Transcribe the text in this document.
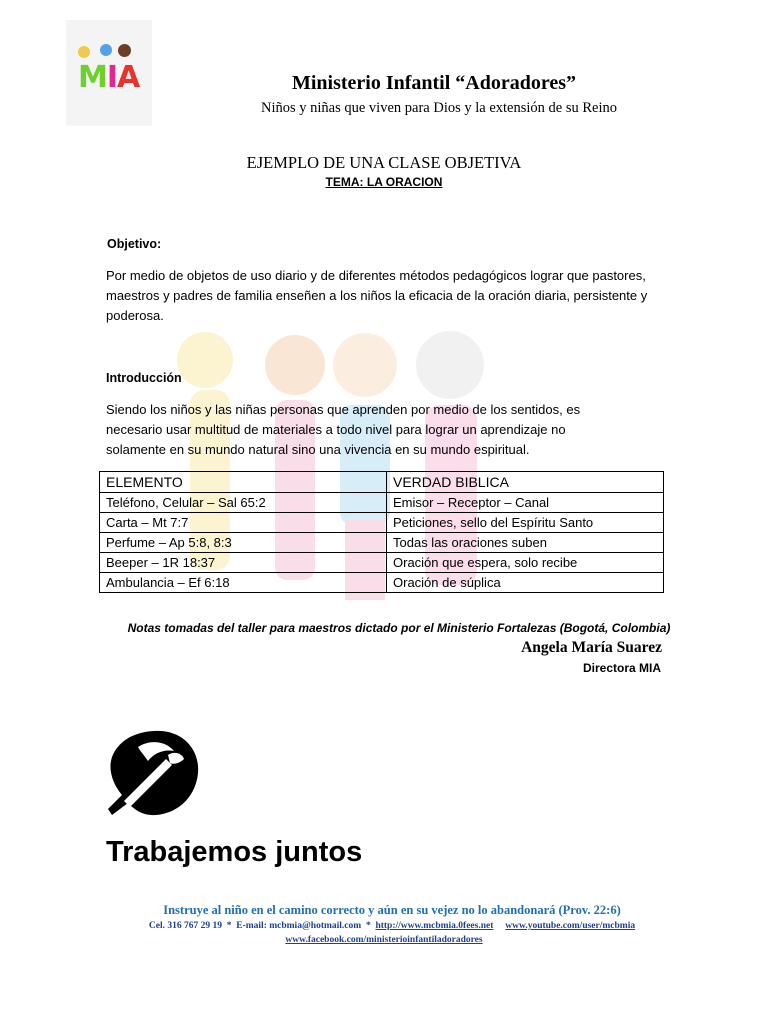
MIA	Ministerio Infantil “Adoradores”
Niños y niñas que viven para Dios y la extensión de su Reino
EJEMPLO DE UNA CLASE OBJETIVA
TEMA: LA ORACION
Objetivo:
Por medio de objetos de uso diario y de diferentes métodos pedagógicos lograr que pastores, maestros y padres de familia enseñen a los niños la eficacia de la oración diaria, persistente y poderosa.
Introducción
Siendo los niños y las niñas personas que aprenden por medio de los sentidos, es necesario usar multitud de materiales a todo nivel para lograr un aprendizaje no solamente en su mundo natural sino una vivencia en su mundo espiritual.
ELEMENTO	VERDAD BIBLICA
Teléfono, Celular – Sal 65:2	Emisor – Receptor – Canal
Carta – Mt 7:7	Peticiones, sello del Espíritu Santo
Perfume – Ap 5:8, 8:3	Todas las oraciones suben
Beeper – 1R 18:37	Oración que espera, solo recibe
Ambulancia – Ef 6:18	Oración de súplica
Notas tomadas del taller para maestros dictado por el Ministerio Fortalezas (Bogotá, Colombia)
Angela María Suarez
Directora MIA
Trabajemos juntos
Instruye al niño en el camino correcto y aún en su vejez no lo abandonará (Prov. 22:6)
Cel. 316 767 29 19  *  E-mail: mcbmia@hotmail.com  *  http://www.mcbmia.0fees.net www.youtube.com/user/mcbmia
www.facebook.com/ministerioinfantiladoradores
